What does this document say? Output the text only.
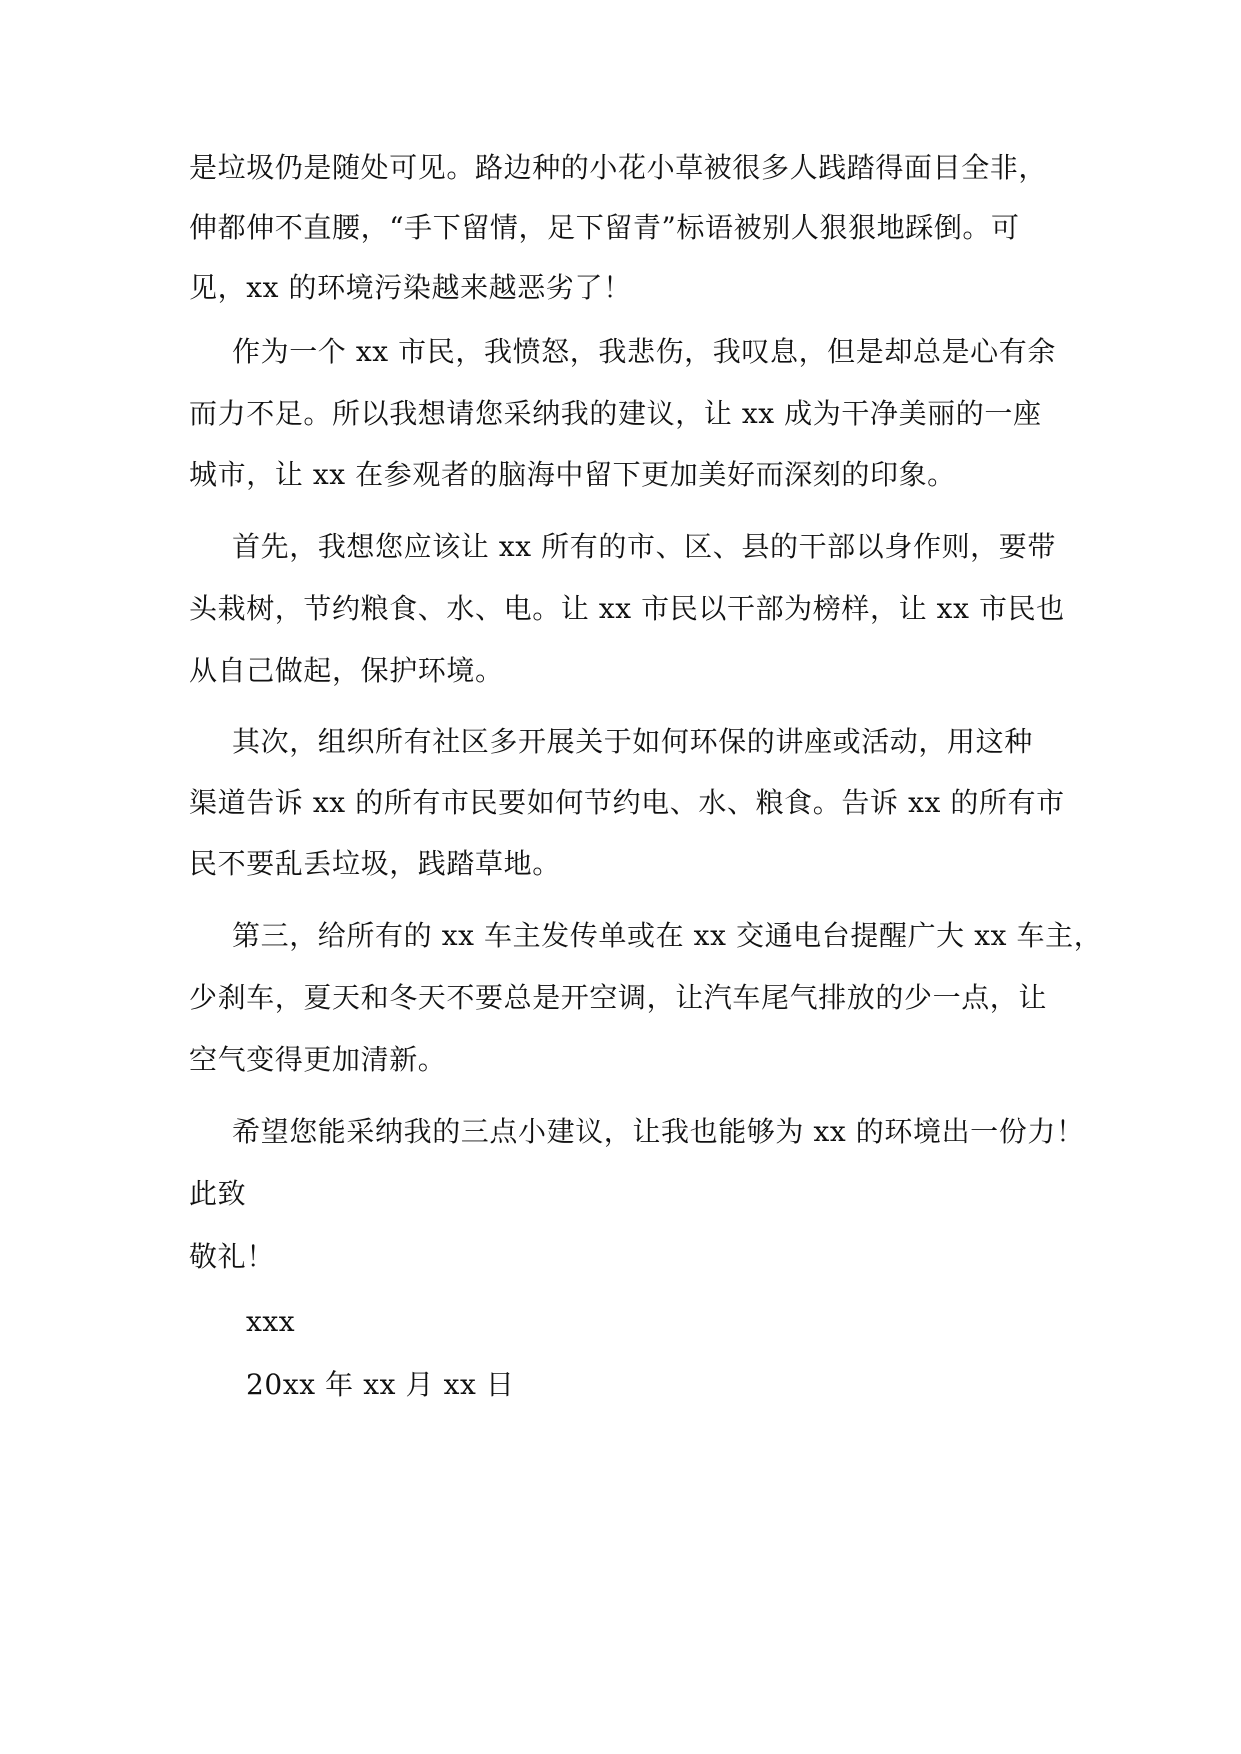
是垃圾仍是随处可见。路边种的小花小草被很多人践踏得面目全非，
伸都伸不直腰，“手下留情，足下留青”标语被别人狠狠地踩倒。可
见，xx 的环境污染越来越恶劣了！
作为一个 xx 市民，我愤怒，我悲伤，我叹息，但是却总是心有余
而力不足。所以我想请您采纳我的建议，让 xx 成为干净美丽的一座
城市，让 xx 在参观者的脑海中留下更加美好而深刻的印象。
首先，我想您应该让 xx 所有的市、区、县的干部以身作则，要带
头栽树，节约粮食、水、电。让 xx 市民以干部为榜样，让 xx 市民也
从自己做起，保护环境。
其次，组织所有社区多开展关于如何环保的讲座或活动，用这种
渠道告诉 xx 的所有市民要如何节约电、水、粮食。告诉 xx 的所有市
民不要乱丢垃圾，践踏草地。
第三，给所有的 xx 车主发传单或在 xx 交通电台提醒广大 xx 车主，
少刹车，夏天和冬天不要总是开空调，让汽车尾气排放的少一点，让
空气变得更加清新。
希望您能采纳我的三点小建议，让我也能够为 xx 的环境出一份力！
此致
敬礼！
xxx
20xx 年 xx 月 xx 日
